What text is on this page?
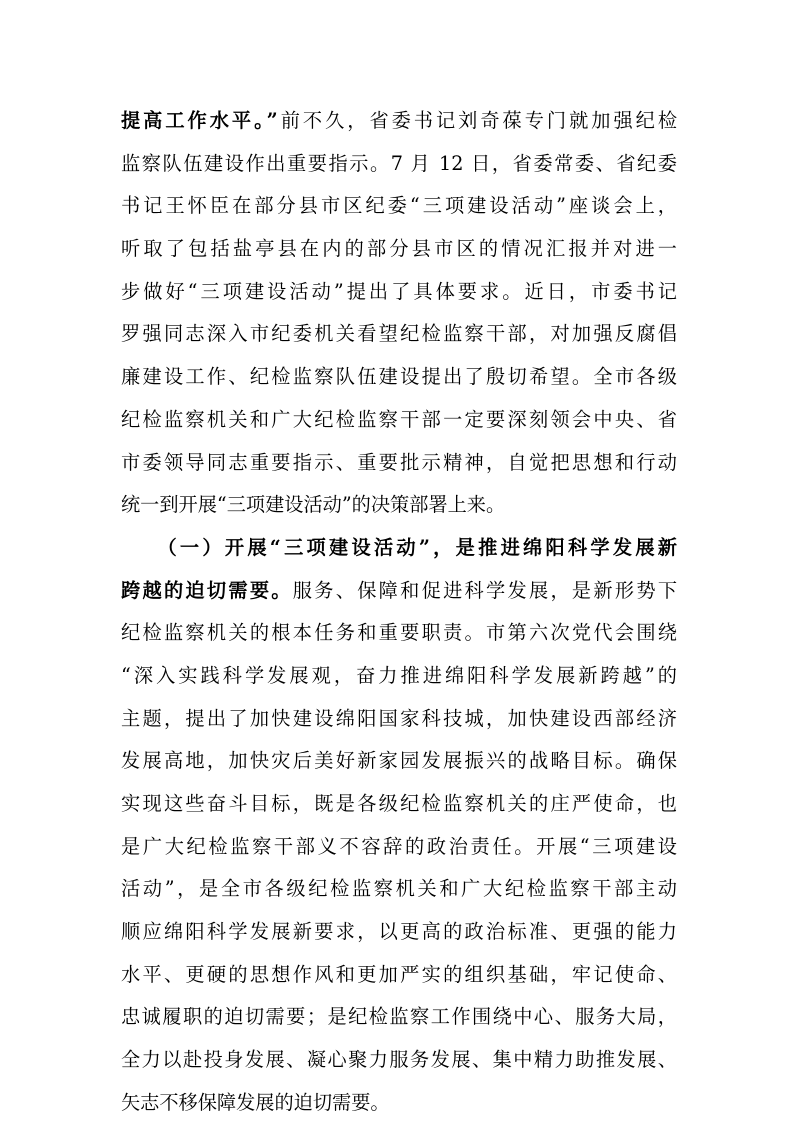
提高工作水平。”前不久，省委书记刘奇葆专门就加强纪检
监察队伍建设作出重要指示。7 月 12 日，省委常委、省纪委
书记王怀臣在部分县市区纪委“三项建设活动”座谈会上，
听取了包括盐亭县在内的部分县市区的情况汇报并对进一
步做好“三项建设活动”提出了具体要求。近日，市委书记
罗强同志深入市纪委机关看望纪检监察干部，对加强反腐倡
廉建设工作、纪检监察队伍建设提出了殷切希望。全市各级
纪检监察机关和广大纪检监察干部一定要深刻领会中央、省
市委领导同志重要指示、重要批示精神，自觉把思想和行动
统一到开展“三项建设活动”的决策部署上来。
（一）开展“三项建设活动”，是推进绵阳科学发展新
跨越的迫切需要。服务、保障和促进科学发展，是新形势下
纪检监察机关的根本任务和重要职责。市第六次党代会围绕
“深入实践科学发展观，奋力推进绵阳科学发展新跨越”的
主题，提出了加快建设绵阳国家科技城，加快建设西部经济
发展高地，加快灾后美好新家园发展振兴的战略目标。确保
实现这些奋斗目标，既是各级纪检监察机关的庄严使命，也
是广大纪检监察干部义不容辞的政治责任。开展“三项建设
活动”，是全市各级纪检监察机关和广大纪检监察干部主动
顺应绵阳科学发展新要求，以更高的政治标准、更强的能力
水平、更硬的思想作风和更加严实的组织基础，牢记使命、
忠诚履职的迫切需要；是纪检监察工作围绕中心、服务大局，
全力以赴投身发展、凝心聚力服务发展、集中精力助推发展、
矢志不移保障发展的迫切需要。
